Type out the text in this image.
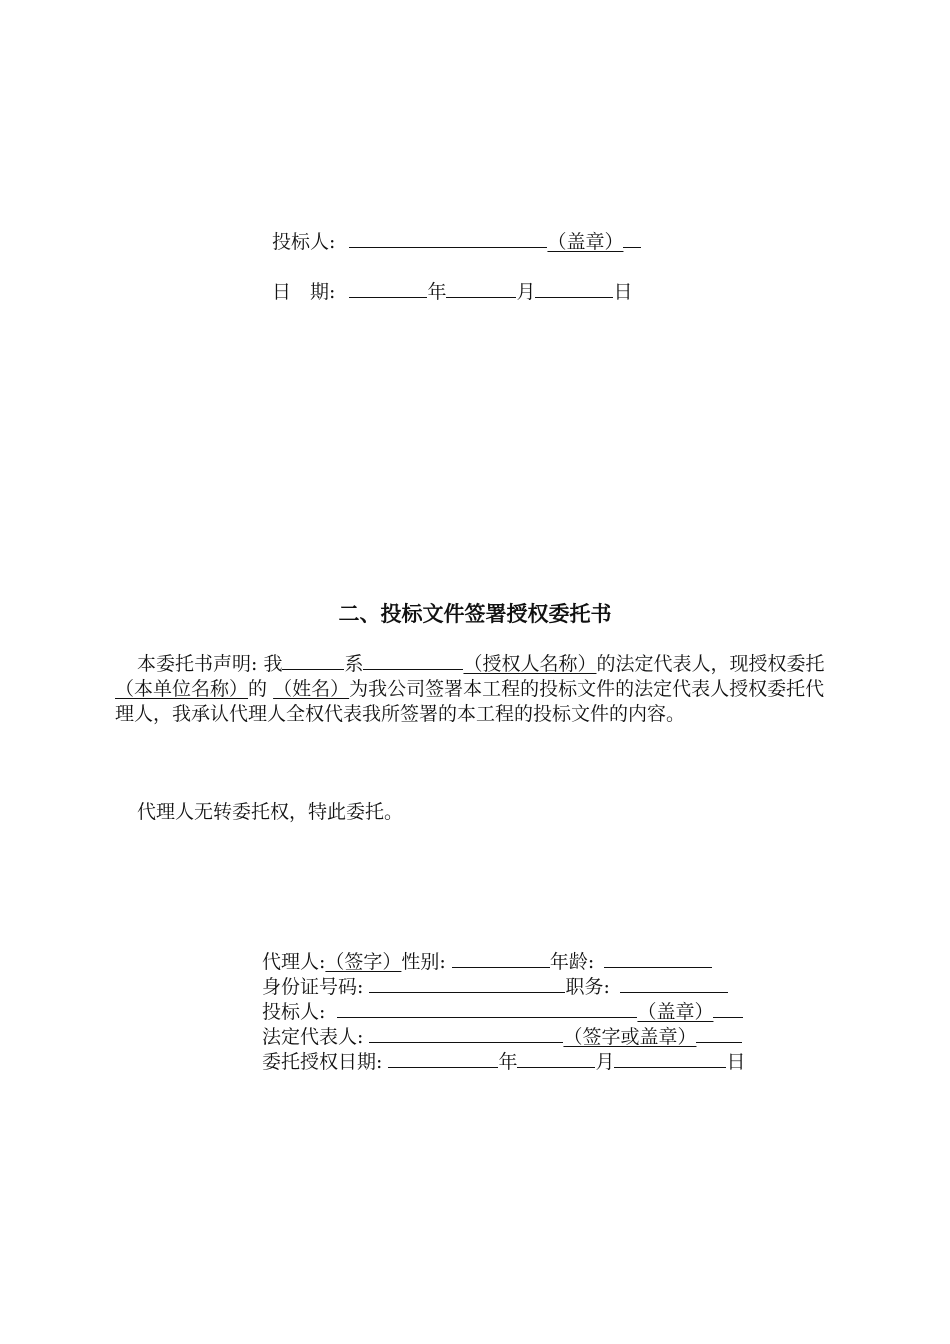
投标人:	（盖章）
日　期:	年	月	日
二、投标文件签署授权委托书

本委托书声明: 我	系	（授权人名称）的法定代表人，现授权委托（本单位名称）的 （姓名）为我公司签署本工程的投标文件的法定代表人授权委托代理人，我承认代理人全权代表我所签署的本工程的投标文件的内容。

代理人无转委托权，特此委托。

代理人:（签字）性别:	年龄:
身份证号码:	职务:
投标人:	（盖章）
法定代表人:	（签字或盖章）
委托授权日期:	年	月	日
